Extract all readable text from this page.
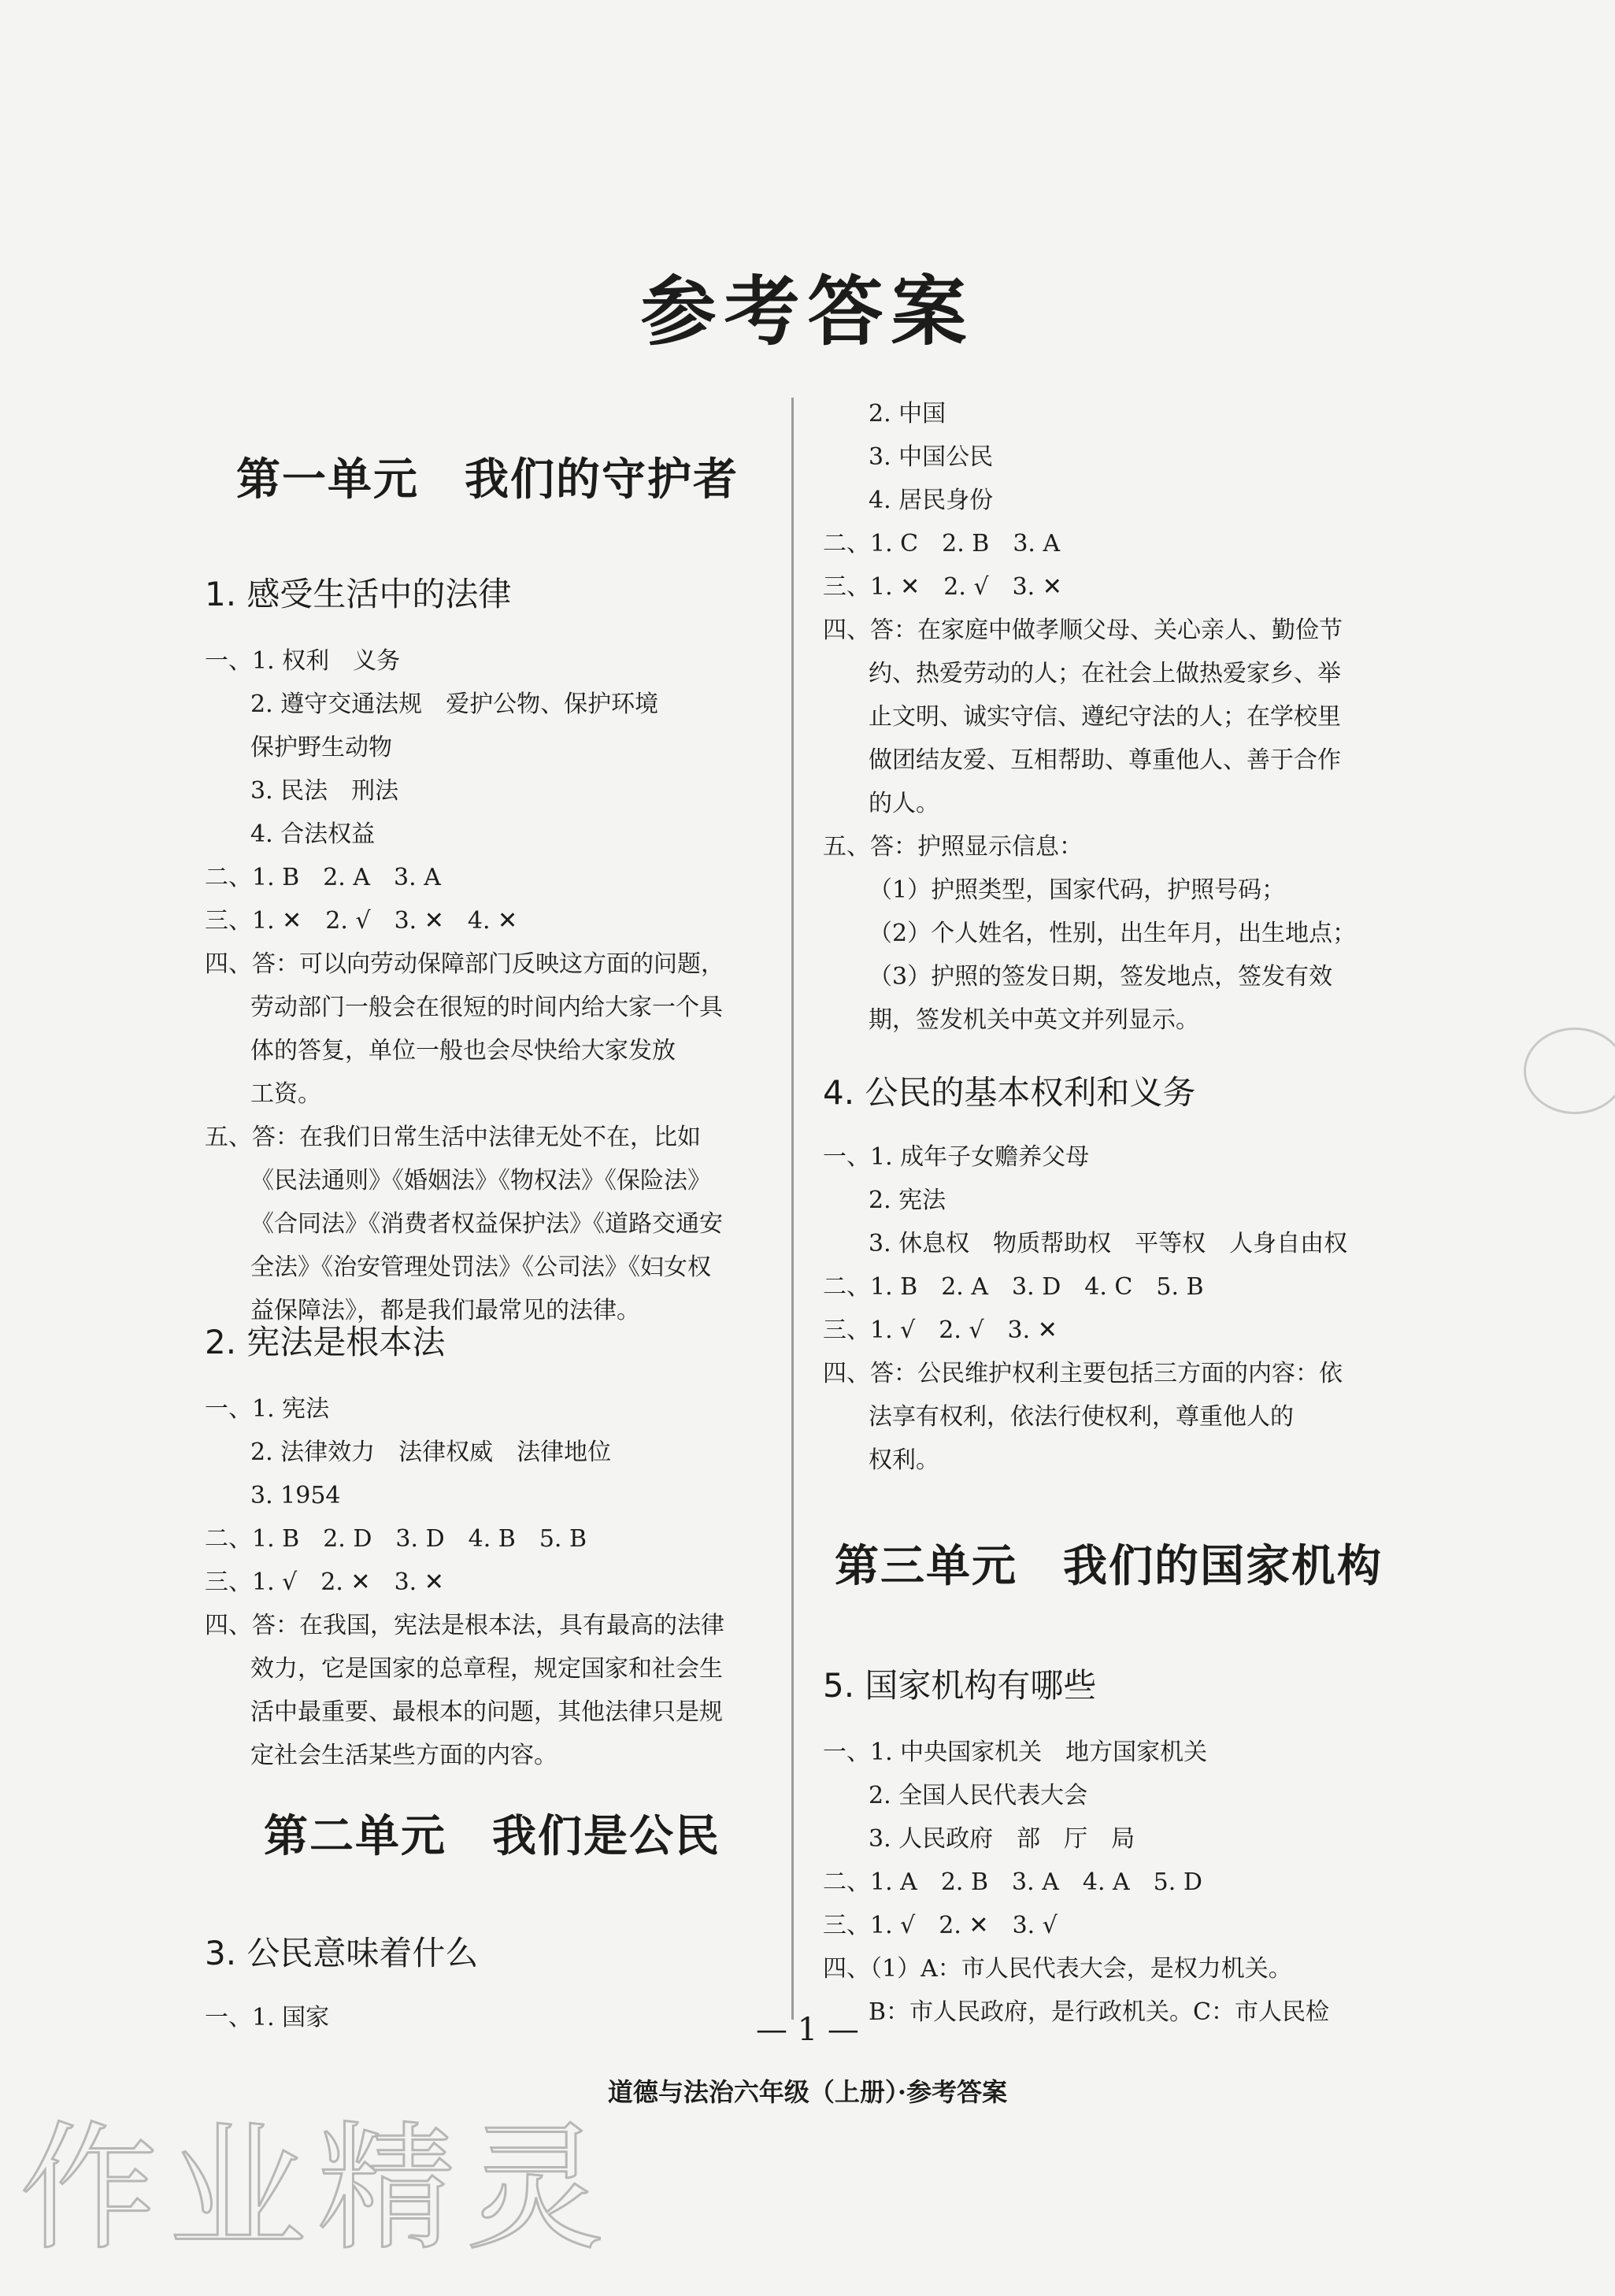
参考答案
第一单元 我们的守护者
1. 感受生活中的法律
一、1. 权利　义务
2. 遵守交通法规　爱护公物、保护环境
保护野生动物
3. 民法　刑法
4. 合法权益
二、1. B　2. A　3. A
三、1. ✕　2. √　3. ✕　4. ✕
四、答：可以向劳动保障部门反映这方面的问题，
劳动部门一般会在很短的时间内给大家一个具
体的答复，单位一般也会尽快给大家发放
工资。
五、答：在我们日常生活中法律无处不在，比如
《民法通则》《婚姻法》《物权法》《保险法》
《合同法》《消费者权益保护法》《道路交通安
全法》《治安管理处罚法》《公司法》《妇女权
益保障法》，都是我们最常见的法律。
2. 宪法是根本法
一、1. 宪法
2. 法律效力　法律权威　法律地位
3. 1954
二、1. B　2. D　3. D　4. B　5. B
三、1. √　2. ✕　3. ✕
四、答：在我国，宪法是根本法，具有最高的法律
效力，它是国家的总章程，规定国家和社会生
活中最重要、最根本的问题，其他法律只是规
定社会生活某些方面的内容。
第二单元 我们是公民
3. 公民意味着什么
一、1. 国家
2. 中国
3. 中国公民
4. 居民身份
二、1. C　2. B　3. A
三、1. ✕　2. √　3. ✕
四、答：在家庭中做孝顺父母、关心亲人、勤俭节
约、热爱劳动的人；在社会上做热爱家乡、举
止文明、诚实守信、遵纪守法的人；在学校里
做团结友爱、互相帮助、尊重他人、善于合作
的人。
五、答：护照显示信息：
（1）护照类型，国家代码，护照号码；
（2）个人姓名，性别，出生年月，出生地点；
（3）护照的签发日期，签发地点，签发有效
期，签发机关中英文并列显示。
4. 公民的基本权利和义务
一、1. 成年子女赡养父母
2. 宪法
3. 休息权　物质帮助权　平等权　人身自由权
二、1. B　2. A　3. D　4. C　5. B
三、1. √　2. √　3. ✕
四、答：公民维护权利主要包括三方面的内容：依
法享有权利，依法行使权利，尊重他人的
权利。
第三单元 我们的国家机构
5. 国家机构有哪些
一、1. 中央国家机关　地方国家机关
2. 全国人民代表大会
3. 人民政府　部　厅　局
二、1. A　2. B　3. A　4. A　5. D
三、1. √　2. ✕　3. √
四、（1）A：市人民代表大会，是权力机关。
B：市人民政府，是行政机关。C：市人民检
— 1 —
道德与法治六年级（上册）·参考答案
作业精灵
